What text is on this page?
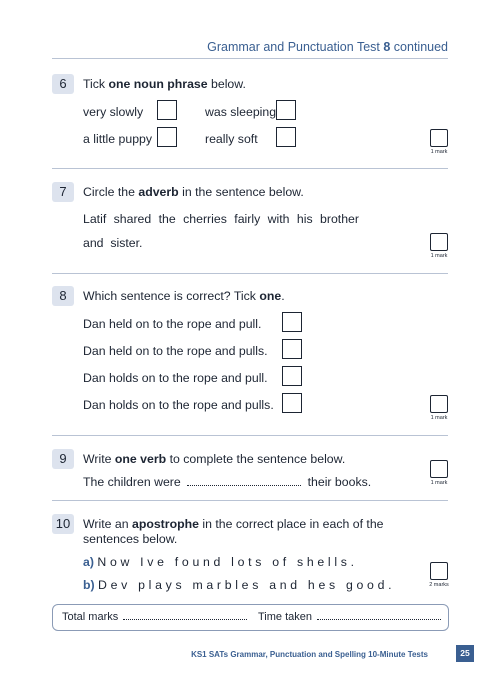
Grammar and Punctuation Test 8 continued
6	Tick one noun phrase below.
very slowly	was sleeping
a little puppy	really soft
1 mark
7	Circle the adverb in the sentence below.
Latif shared the cherries fairly with his brother
and  sister.
1 mark
8	Which sentence is correct? Tick one.
Dan held on to the rope and pull.
Dan held on to the rope and pulls.
Dan holds on to the rope and pull.
Dan holds on to the rope and pulls.
1 mark
9	Write one verb to complete the sentence below.
The children were	their books.	1 mark
10	Write an apostrophe in the correct place in each of the
sentences below.
a) Now Ive found lots of shells.
b) Dev plays marbles and hes good.	2 marks
Total marks	Time taken
KS1 SATs Grammar, Punctuation and Spelling 10-Minute Tests	25
